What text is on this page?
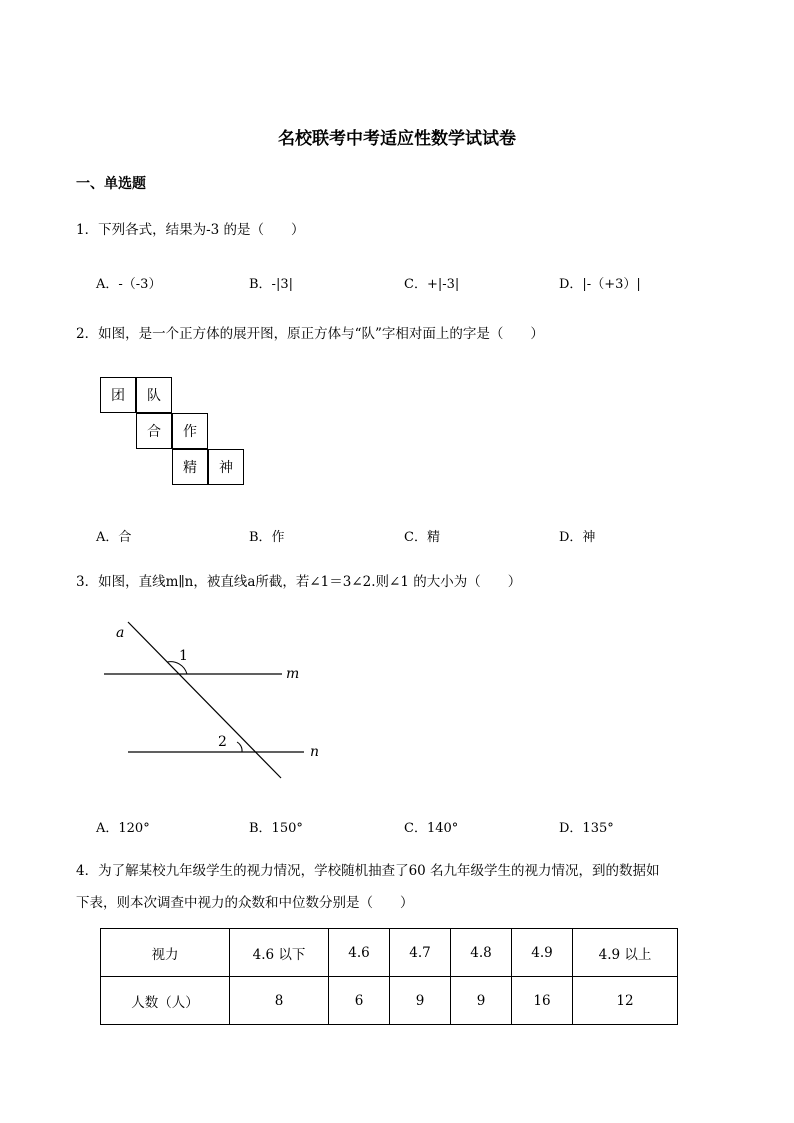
名校联考中考适应性数学试试卷
一、单选题
1．下列各式，结果为-3 的是（　　）
A．-（-3）	B．-|3|	C．+|-3|	D．|-（+3）|
2．如图，是一个正方体的展开图，原正方体与“队”字相对面上的字是（　　）
团	队
合	作
精	神
A．合	B．作	C．精	D．神
3．如图，直线m∥n，被直线a所截，若∠1＝3∠2.则∠1 的大小为（　　）
a
m
n
1
2
A．120°	B．150°	C．140°	D．135°
4．为了解某校九年级学生的视力情况，学校随机抽查了60 名九年级学生的视力情况，到的数据如
下表，则本次调查中视力的众数和中位数分别是（　　）
视力	4.6 以下	4.6	4.7	4.8	4.9	4.9 以上
人数（人）	8	6	9	9	16	12
